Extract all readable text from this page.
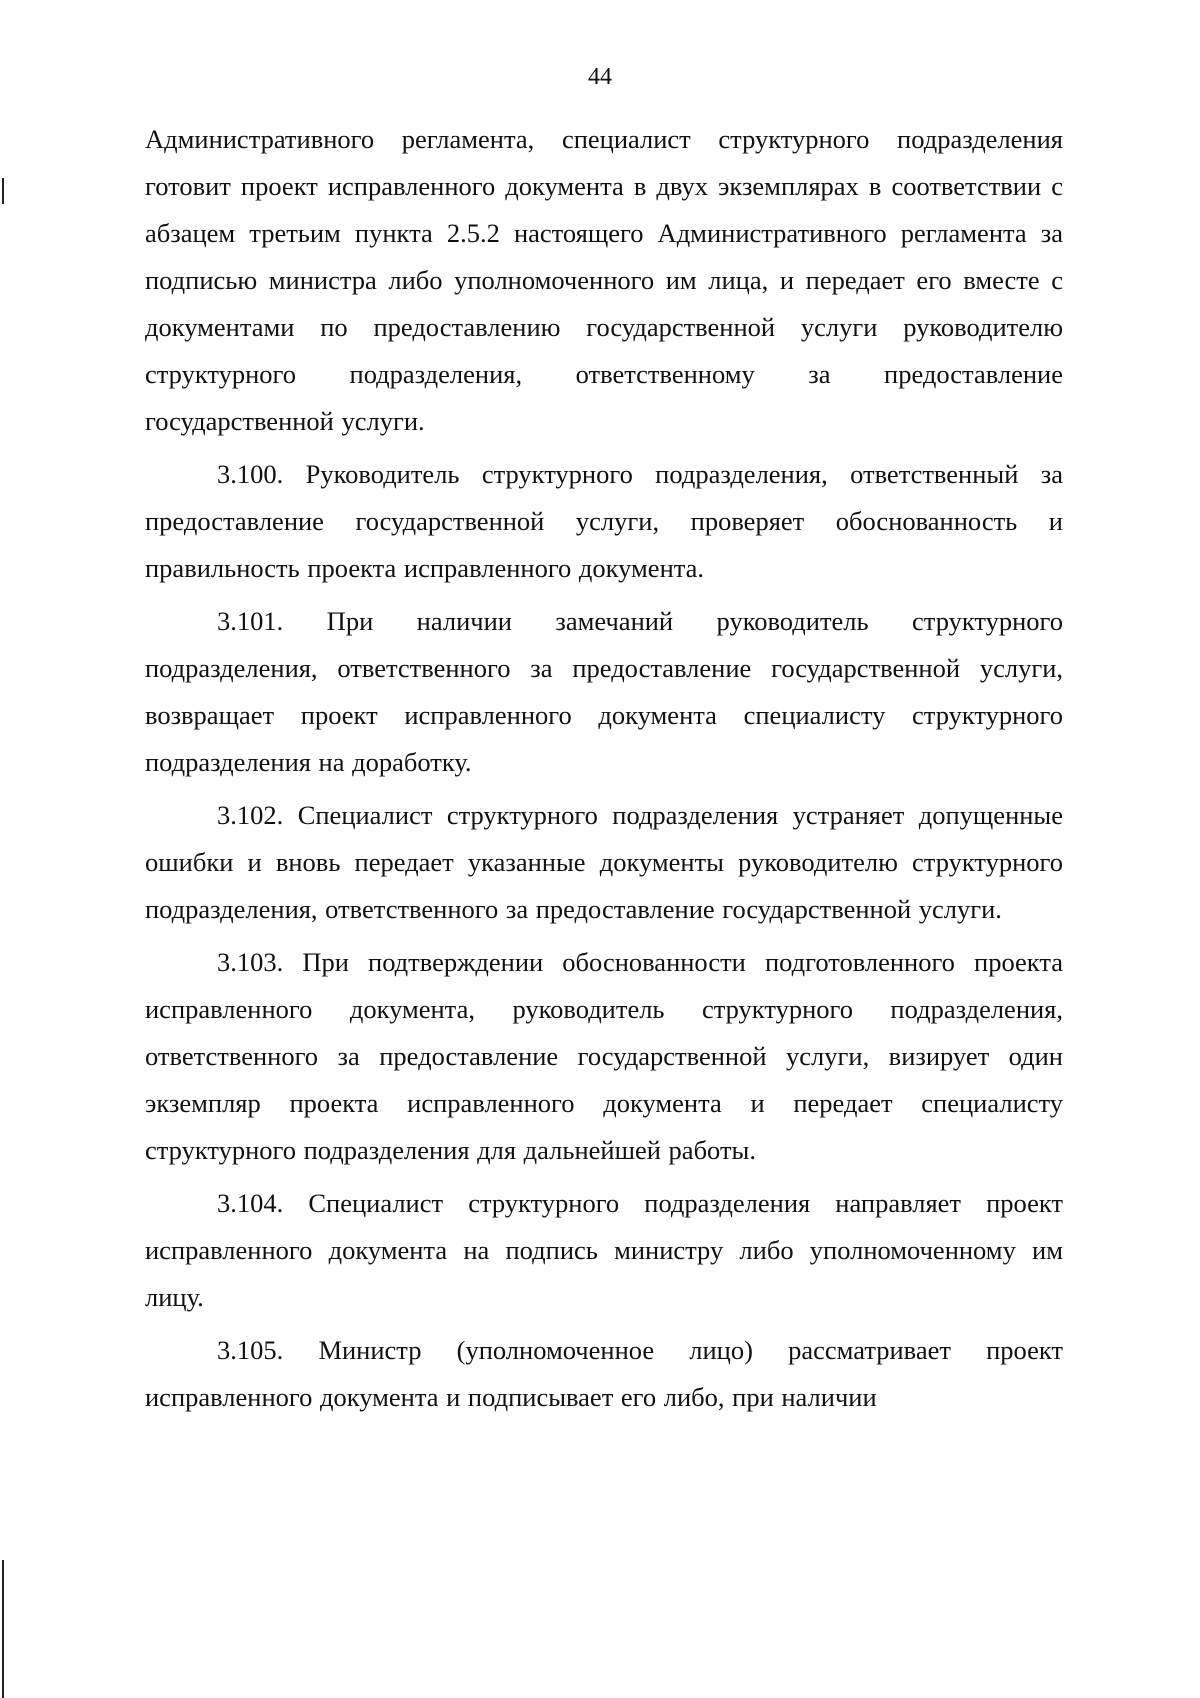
44

Административного регламента, специалист структурного подразделения готовит проект исправленного документа в двух экземплярах в соответствии с абзацем третьим пункта 2.5.2 настоящего Административного регламента за подписью министра либо уполномоченного им лица, и передает его вместе с документами по предоставлению государственной услуги руководителю структурного подразделения, ответственному за предоставление государственной услуги.

3.100. Руководитель структурного подразделения, ответственный за предоставление государственной услуги, проверяет обоснованность и правильность проекта исправленного документа.

3.101. При наличии замечаний руководитель структурного подразделения, ответственного за предоставление государственной услуги, возвращает проект исправленного документа специалисту структурного подразделения на доработку.

3.102. Специалист структурного подразделения устраняет допущенные ошибки и вновь передает указанные документы руководителю структурного подразделения, ответственного за предоставление государственной услуги.

3.103. При подтверждении обоснованности подготовленного проекта исправленного документа, руководитель структурного подразделения, ответственного за предоставление государственной услуги, визирует один экземпляр проекта исправленного документа и передает специалисту структурного подразделения для дальнейшей работы.

3.104. Специалист структурного подразделения направляет проект исправленного документа на подпись министру либо уполномоченному им лицу.

3.105. Министр (уполномоченное лицо) рассматривает проект исправленного документа и подписывает его либо, при наличии
